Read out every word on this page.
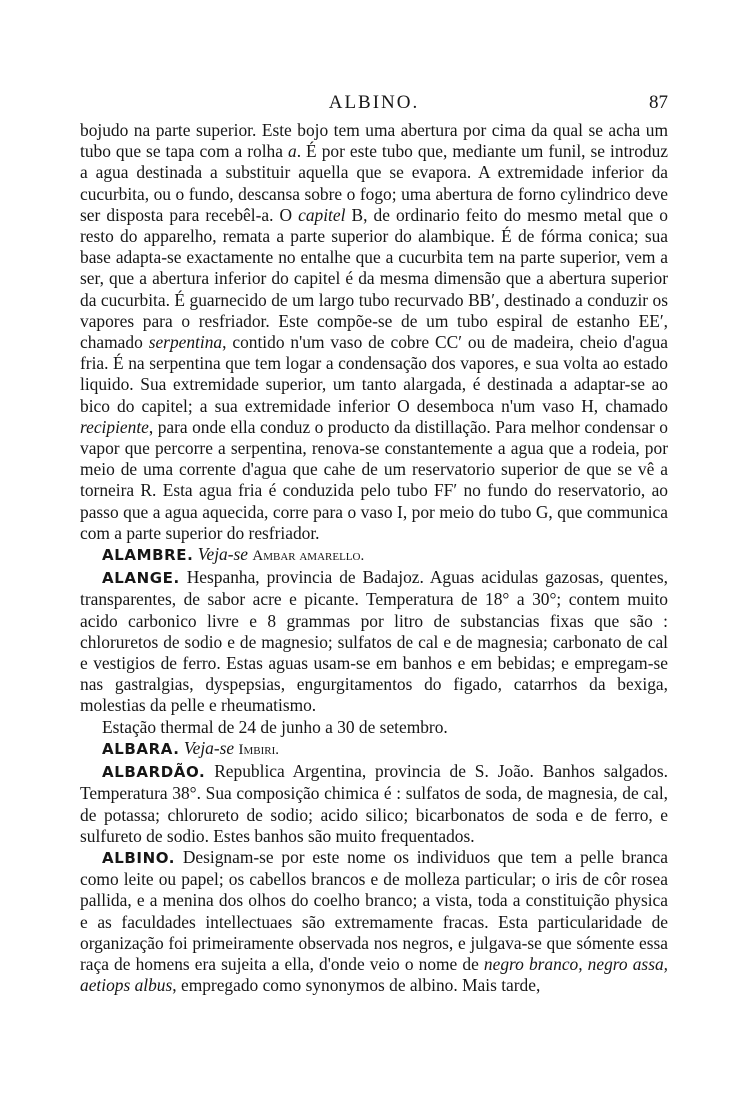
ALBINO.	87

bojudo na parte superior. Este bojo tem uma abertura por cima da qual se acha um tubo que se tapa com a rolha a. É por este tubo que, mediante um funil, se introduz a agua destinada a substituir aquella que se evapora. A extremidade inferior da cucurbita, ou o fundo, descansa sobre o fogo; uma abertura de forno cylindrico deve ser disposta para recebêl-a. O capitel B, de ordinario feito do mesmo metal que o resto do apparelho, remata a parte superior do alambique. É de fórma conica; sua base adapta-se exactamente no entalhe que a cucurbita tem na parte superior, vem a ser, que a abertura inferior do capitel é da mesma dimensão que a abertura superior da cucurbita. É guarnecido de um largo tubo recurvado BB′, destinado a conduzir os vapores para o resfriador. Este compõe-se de um tubo espiral de estanho EE′, chamado serpentina, contido n'um vaso de cobre CC′ ou de madeira, cheio d'agua fria. É na serpentina que tem logar a condensação dos vapores, e sua volta ao estado liquido. Sua extremidade superior, um tanto alargada, é destinada a adaptar-se ao bico do capitel; a sua extremidade inferior O desemboca n'um vaso H, chamado recipiente, para onde ella conduz o producto da distillação. Para melhor condensar o vapor que percorre a serpentina, renova-se constantemente a agua que a rodeia, por meio de uma corrente d'agua que cahe de um reservatorio superior de que se vê a torneira R. Esta agua fria é conduzida pelo tubo FF′ no fundo do reservatorio, ao passo que a agua aquecida, corre para o vaso I, por meio do tubo G, que communica com a parte superior do resfriador.

ALAMBRE. Veja-se Ambar amarello.

ALANGE. Hespanha, provincia de Badajoz. Aguas acidulas gazosas, quentes, transparentes, de sabor acre e picante. Temperatura de 18° a 30°; contem muito acido carbonico livre e 8 grammas por litro de substancias fixas que são : chloruretos de sodio e de magnesio; sulfatos de cal e de magnesia; carbonato de cal e vestigios de ferro. Estas aguas usam-se em banhos e em bebidas; e empregam-se nas gastralgias, dyspepsias, engurgitamentos do figado, catarrhos da bexiga, molestias da pelle e rheumatismo.

Estação thermal de 24 de junho a 30 de setembro.

ALBARA. Veja-se Imbiri.

ALBARDÃO. Republica Argentina, provincia de S. João. Banhos salgados. Temperatura 38°. Sua composição chimica é : sulfatos de soda, de magnesia, de cal, de potassa; chlorureto de sodio; acido silico; bicarbonatos de soda e de ferro, e sulfureto de sodio. Estes banhos são muito frequentados.

ALBINO. Designam-se por este nome os individuos que tem a pelle branca como leite ou papel; os cabellos brancos e de molleza particular; o iris de côr rosea pallida, e a menina dos olhos do coelho branco; a vista, toda a constituição physica e as faculdades intellectuaes são extremamente fracas. Esta particularidade de organização foi primeiramente observada nos negros, e julgava-se que sómente essa raça de homens era sujeita a ella, d'onde veio o nome de negro branco, negro assa, aetiops albus, empregado como synonymos de albino. Mais tarde,
